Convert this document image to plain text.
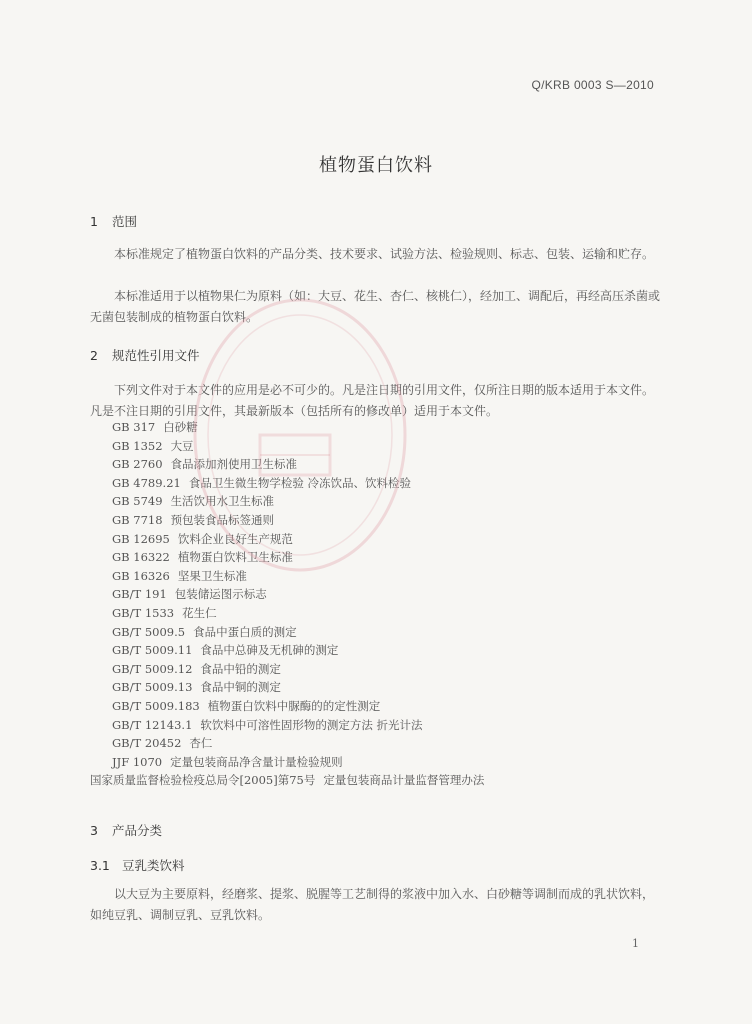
Q/KRB 0003 S—2010
植物蛋白饮料
1 范围

本标准规定了植物蛋白饮料的产品分类、技术要求、试验方法、检验规则、标志、包装、运输和贮存。

本标准适用于以植物果仁为原料（如：大豆、花生、杏仁、核桃仁），经加工、调配后，再经高压杀菌或无菌包装制成的植物蛋白饮料。

2 规范性引用文件

下列文件对于本文件的应用是必不可少的。凡是注日期的引用文件，仅所注日期的版本适用于本文件。凡是不注日期的引用文件，其最新版本（包括所有的修改单）适用于本文件。

GB 317 白砂糖
GB 1352 大豆
GB 2760 食品添加剂使用卫生标准
GB 4789.21 食品卫生微生物学检验 冷冻饮品、饮料检验
GB 5749 生活饮用水卫生标准
GB 7718 预包装食品标签通则
GB 12695 饮料企业良好生产规范
GB 16322 植物蛋白饮料卫生标准
GB 16326 坚果卫生标准
GB/T 191 包装储运图示标志
GB/T 1533 花生仁
GB/T 5009.5 食品中蛋白质的测定
GB/T 5009.11 食品中总砷及无机砷的测定
GB/T 5009.12 食品中铅的测定
GB/T 5009.13 食品中铜的测定
GB/T 5009.183 植物蛋白饮料中脲酶的的定性测定
GB/T 12143.1 软饮料中可溶性固形物的测定方法 折光计法
GB/T 20452 杏仁
JJF 1070 定量包装商品净含量计量检验规则
国家质量监督检验检疫总局令[2005]第75号 定量包装商品计量监督管理办法
3 产品分类
3.1 豆乳类饮料

以大豆为主要原料，经磨浆、提浆、脱腥等工艺制得的浆液中加入水、白砂糖等调制而成的乳状饮料，如纯豆乳、调制豆乳、豆乳饮料。

1
